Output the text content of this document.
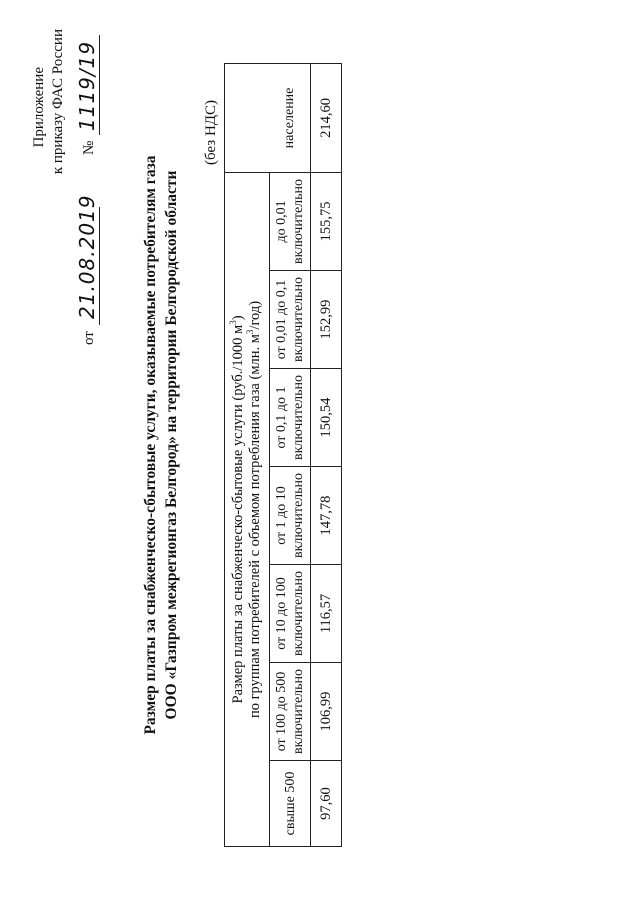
Приложение к приказу ФАС России
от
21.08.2019
№
1119/19
Размер платы за снабженческо-сбытовые услуги, оказываемые потребителям газа ООО «Газпром межрегионгаз Белгород» на территории Белгородской области
(без НДС)
Размер платы за снабженческо-сбытовые услуги (руб./1000 $м^3$)
по группам потребителей с объемом потребления газа (млн. $м^3/год$)							

свыше 500	от 100 до 500 включительно	от 10 до 100 включительно	от 1 до 10 включительно	от 0,1 до 1 включительно	от 0,01 до 0,1 включительно	до 0,01 включительно	население
97,60	106,99	116,57	147,78	150,54	152,99	155,75	214,60
